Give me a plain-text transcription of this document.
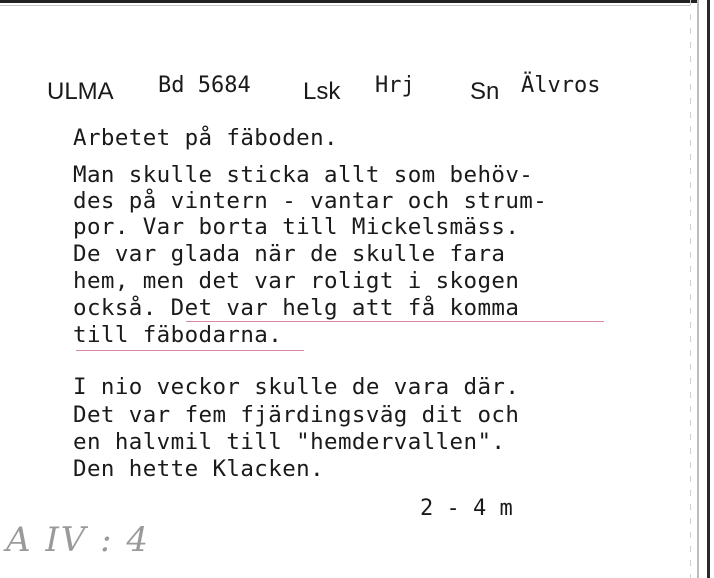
ULMA Bd 5684 Lsk Hrj Sn Älvros
Arbetet på fäboden.
Man skulle sticka allt som behöv-
des på vintern - vantar och strum-
por. Var borta till Mickelsmäss.
De var glada när de skulle fara
hem, men det var roligt i skogen
också. Det var helg att få komma
till fäbodarna.
I nio veckor skulle de vara där.
Det var fem fjärdingsväg dit och
en halvmil till "hemdervallen".
Den hette Klacken.
2 - 4 m
A IV : 4
